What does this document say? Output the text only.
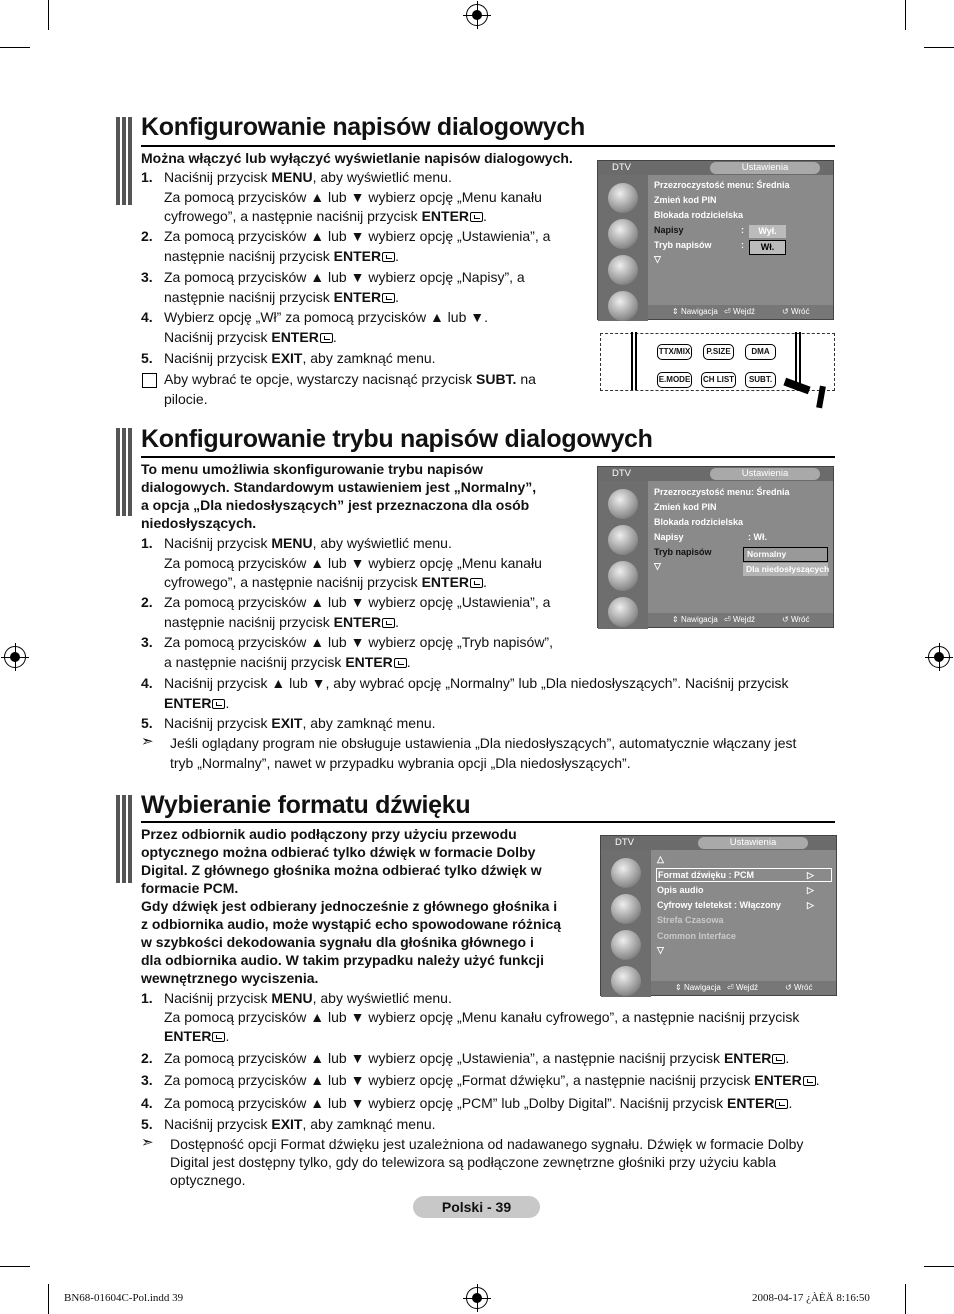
Konfigurowanie napisów dialogowych
Można włączyć lub wyłączyć wyświetlanie napisów dialogowych.
1. Naciśnij przycisk MENU, aby wyświetlić menu.
Za pomocą przycisków ▲ lub ▼ wybierz opcję „Menu kanału
cyfrowego”, a następnie naciśnij przycisk ENTER .
2. Za pomocą przycisków ▲ lub ▼ wybierz opcję „Ustawienia”, a
następnie naciśnij przycisk ENTER .
3. Za pomocą przycisków ▲ lub ▼ wybierz opcję „Napisy”, a
następnie naciśnij przycisk ENTER .
4. Wybierz opcję „Wł” za pomocą przycisków ▲ lub ▼.
Naciśnij przycisk ENTER .
5. Naciśnij przycisk EXIT, aby zamknąć menu.
Aby wybrać te opcje, wystarczy nacisnąć przycisk SUBT. na
pilocie.
DTV	Ustawienia
Przezroczystość menu: Średnia
Zmień kod PIN
Blokada rodzicielska
Napisy
Tryb napisów
▽
:
:
Wył.
Wł.
⇕ Nawigacja ⏎ Wejdź	↺ Wróć
TTX/MIX	P.SIZE	DMA
E.MODE CH LIST	SUBT.
Konfigurowanie trybu napisów dialogowych
To menu umożliwia skonfigurowanie trybu napisów
dialogowych. Standardowym ustawieniem jest „Normalny”,
a opcja „Dla niedosłyszących” jest przeznaczona dla osób
niedosłyszących.
1. Naciśnij przycisk MENU, aby wyświetlić menu.
Za pomocą przycisków ▲ lub ▼ wybierz opcję „Menu kanału
cyfrowego”, a następnie naciśnij przycisk ENTER .
2. Za pomocą przycisków ▲ lub ▼ wybierz opcję „Ustawienia”, a
następnie naciśnij przycisk ENTER .
3. Za pomocą przycisków ▲ lub ▼ wybierz opcję „Tryb napisów”,
a następnie naciśnij przycisk ENTER .
4. Naciśnij przycisk ▲ lub ▼, aby wybrać opcję „Normalny” lub „Dla niedosłyszących”. Naciśnij przycisk
ENTER .
5. Naciśnij przycisk EXIT, aby zamknąć menu.
➣ Jeśli oglądany program nie obsługuje ustawienia „Dla niedosłyszących”, automatycznie włączany jest
tryb „Normalny”, nawet w przypadku wybrania opcji „Dla niedosłyszących”.
DTV	Ustawienia
Przezroczystość menu: Średnia
Zmień kod PIN
Blokada rodzicielska
Napisy
Tryb napisów
▽
: Wł.
Normalny
Dla niedosłyszących
⇕ Nawigacja ⏎ Wejdź	↺ Wróć
Wybieranie formatu dźwięku
Przez odbiornik audio podłączony przy użyciu przewodu
optycznego można odbierać tylko dźwięk w formacie Dolby
Digital. Z głównego głośnika można odbierać tylko dźwięk w
formacie PCM.
Gdy dźwięk jest odbierany jednocześnie z głównego głośnika i
z odbiornika audio, może wystąpić echo spowodowane różnicą
w szybkości dekodowania sygnału dla głośnika głównego i
dla odbiornika audio. W takim przypadku należy użyć funkcji
wewnętrznego wyciszenia.
1. Naciśnij przycisk MENU, aby wyświetlić menu.
Za pomocą przycisków ▲ lub ▼ wybierz opcję „Menu kanału cyfrowego”, a następnie naciśnij przycisk
ENTER .
2. Za pomocą przycisków ▲ lub ▼ wybierz opcję „Ustawienia”, a następnie naciśnij przycisk ENTER .
3. Za pomocą przycisków ▲ lub ▼ wybierz opcję „Format dźwięku”, a następnie naciśnij przycisk ENTER .
4. Za pomocą przycisków ▲ lub ▼ wybierz opcję „PCM” lub „Dolby Digital”. Naciśnij przycisk ENTER .
5. Naciśnij przycisk EXIT, aby zamknąć menu.
➣ Dostępność opcji Format dźwięku jest uzależniona od nadawanego sygnału. Dźwięk w formacie Dolby
Digital jest dostępny tylko, gdy do telewizora są podłączone zewnętrzne głośniki przy użyciu kabla
optycznego.
DTV	Ustawienia
△
Format dźwięku : PCM
Opis audio
Cyfrowy teletekst : Włączony
Strefa Czasowa
Common Interface
▽
▷
▷
▷
⇕ Nawigacja ⏎ Wejdź	↺ Wróć
Polski - 39
BN68-01604C-Pol.indd 39	2008-04-17 ¿ÀÈÄ 8:16:50
